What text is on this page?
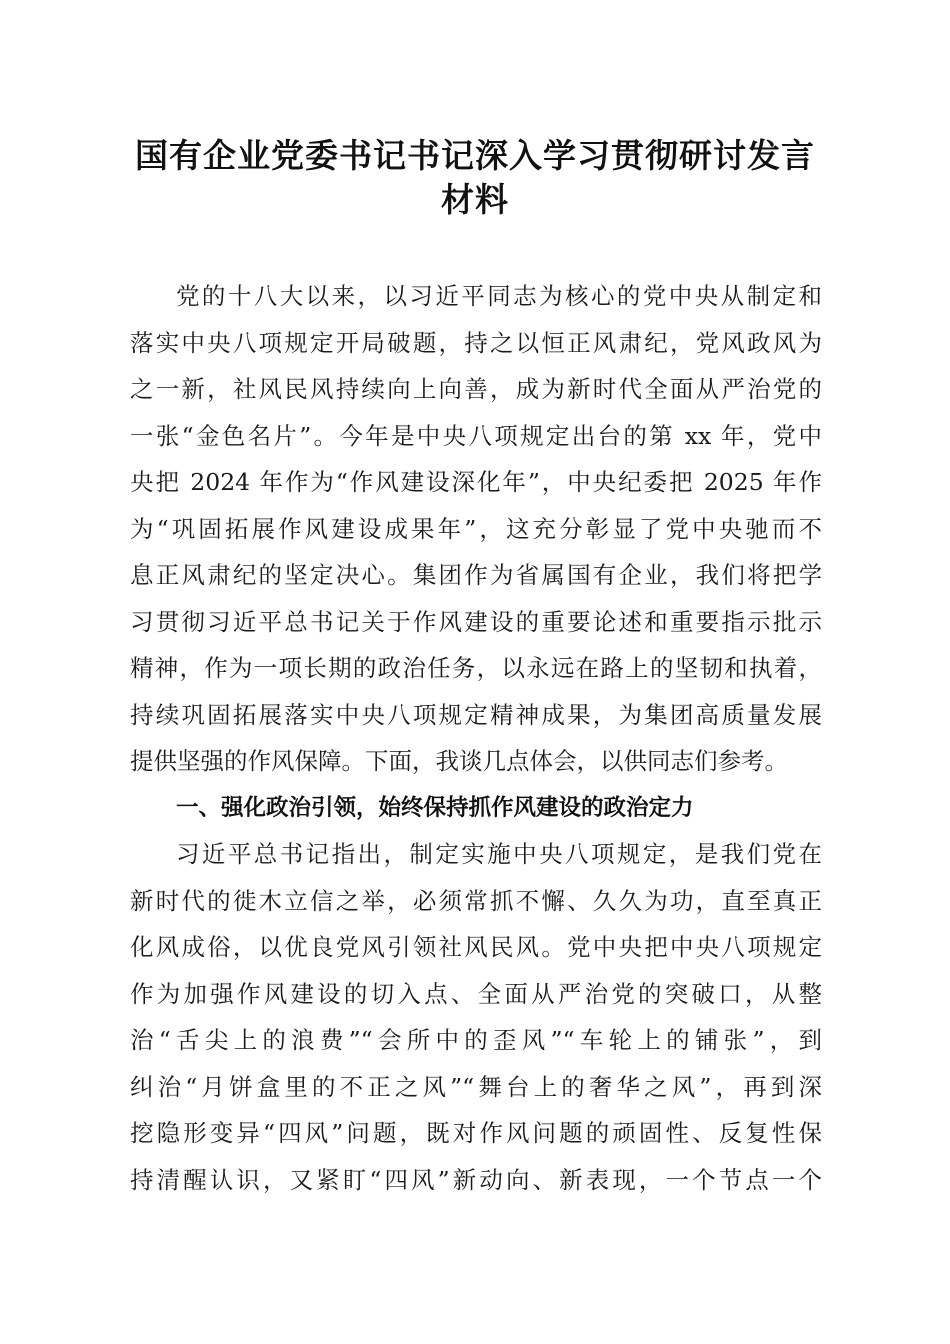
国有企业党委书记书记深入学习贯彻研讨发言
材料
党的十八大以来，以习近平同志为核心的党中央从制定和
落实中央八项规定开局破题，持之以恒正风肃纪，党风政风为
之一新，社风民风持续向上向善，成为新时代全面从严治党的
一张“金色名片”。今年是中央八项规定出台的第 xx 年，党中
央把 2024 年作为“作风建设深化年”，中央纪委把 2025 年作
为“巩固拓展作风建设成果年”，这充分彰显了党中央驰而不
息正风肃纪的坚定决心。集团作为省属国有企业，我们将把学
习贯彻习近平总书记关于作风建设的重要论述和重要指示批示
精神，作为一项长期的政治任务，以永远在路上的坚韧和执着，
持续巩固拓展落实中央八项规定精神成果，为集团高质量发展
提供坚强的作风保障。下面，我谈几点体会，以供同志们参考。
一、强化政治引领，始终保持抓作风建设的政治定力
习近平总书记指出，制定实施中央八项规定，是我们党在
新时代的徙木立信之举，必须常抓不懈、久久为功，直至真正
化风成俗，以优良党风引领社风民风。党中央把中央八项规定
作为加强作风建设的切入点、全面从严治党的突破口，从整
治“舌尖上的浪费”“会所中的歪风”“车轮上的铺张”，到
纠治“月饼盒里的不正之风”“舞台上的奢华之风”，再到深
挖隐形变异“四风”问题，既对作风问题的顽固性、反复性保
持清醒认识，又紧盯“四风”新动向、新表现，一个节点一个
